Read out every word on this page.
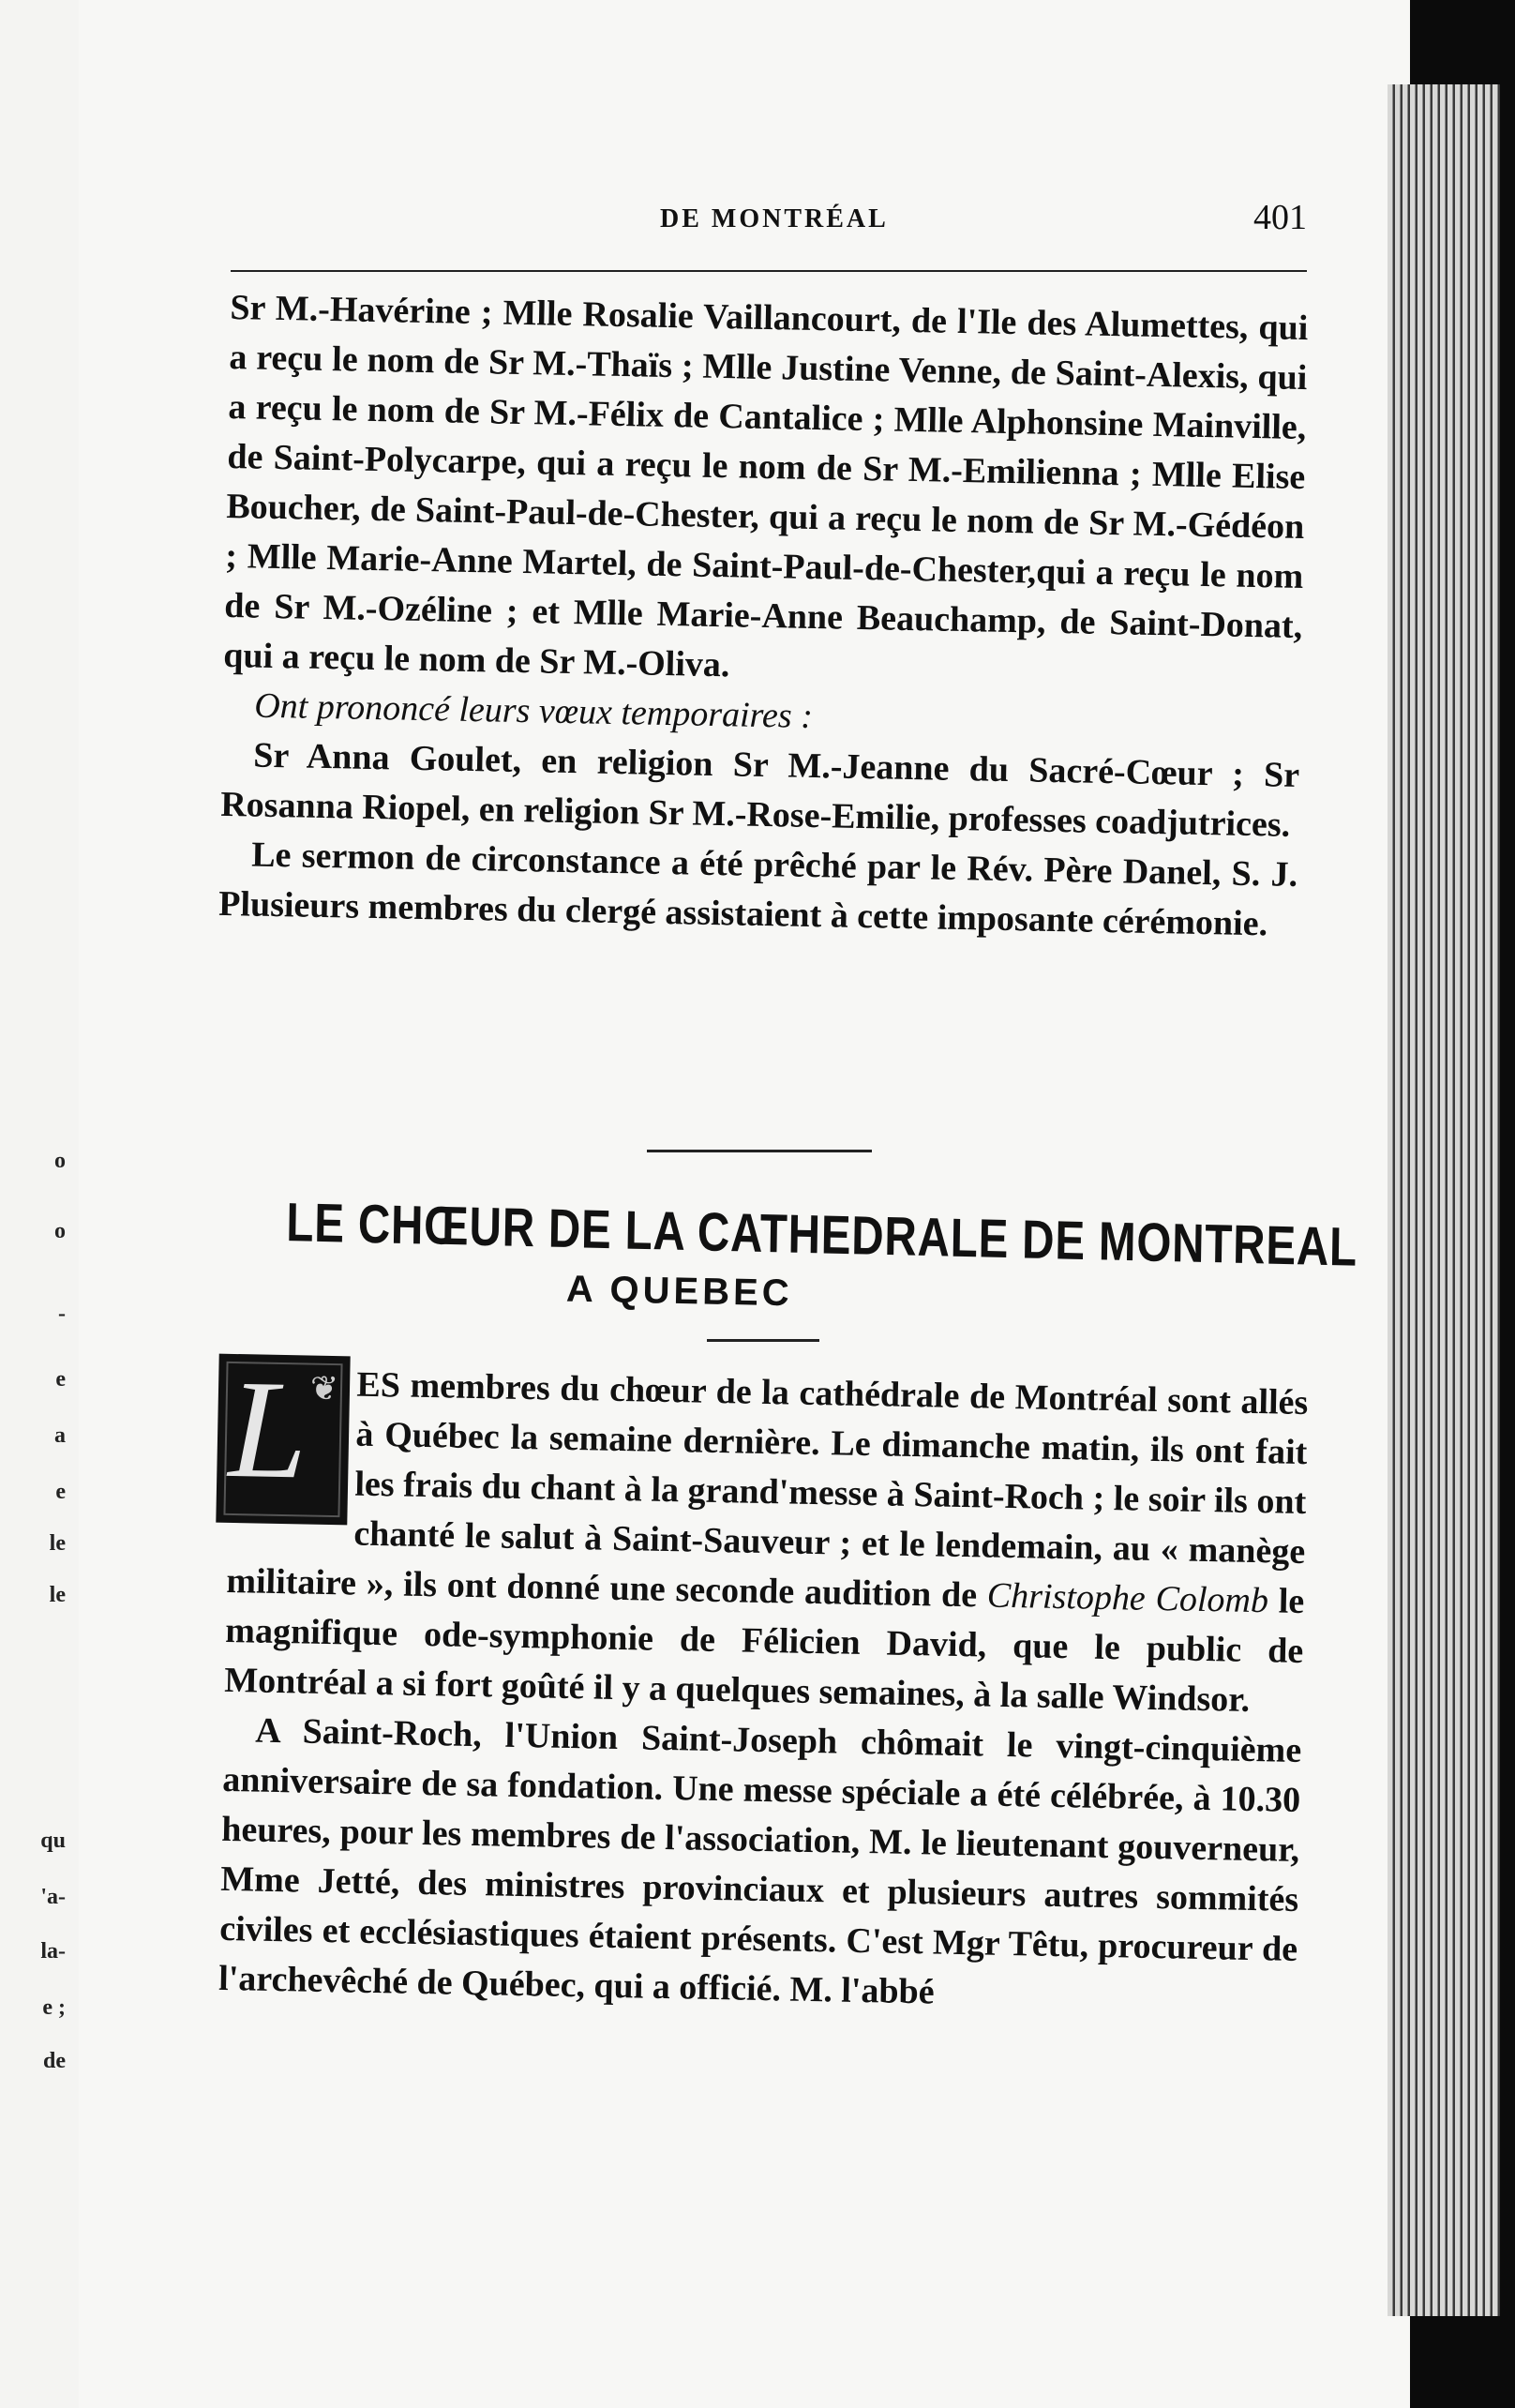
o
o
-
e
a
e
le
le
qu
'a-
la-
e ;
de
DE MONTRÉAL	401

Sr M.-Havérine ; Mlle Rosalie Vaillancourt, de l'Ile des Alumettes, qui a reçu le nom de Sr M.-Thaïs ; Mlle Justine Venne, de Saint-Alexis, qui a reçu le nom de Sr M.-Félix de Cantalice ; Mlle Alphonsine Mainville, de Saint-Polycarpe, qui a reçu le nom de Sr M.-Emilienna ; Mlle Elise Boucher, de Saint-Paul-de-Chester, qui a reçu le nom de Sr M.-Gédéon ; Mlle Marie-Anne Martel, de Saint-Paul-de-Chester,qui a reçu le nom de Sr M.-Ozéline ; et Mlle Marie-Anne Beauchamp, de Saint-Donat, qui a reçu le nom de Sr M.-Oliva.

Ont prononcé leurs vœux temporaires :

Sr Anna Goulet, en religion Sr M.-Jeanne du Sacré-Cœur ; Sr Rosanna Riopel, en religion Sr M.-Rose-Emilie, professes coadjutrices.

Le sermon de circonstance a été prêché par le Rév. Père Danel, S. J. Plusieurs membres du clergé assistaient à cette imposante cérémonie.

LE CHŒUR DE LA CATHEDRALE DE MONTREAL
A QUEBEC
L ❦ ES membres du chœur de la cathédrale de Montréal sont allés à Québec la semaine dernière. Le dimanche matin, ils ont fait les frais du chant à la grand'messe à Saint-Roch ; le soir ils ont chanté le salut à Saint-Sauveur ; et le lendemain, au « manège militaire », ils ont donné une seconde audition de Christophe Colomb le magnifique ode-symphonie de Félicien David, que le public de Montréal a si fort goûté il y a quelques semaines, à la salle Windsor.

A Saint-Roch, l'Union Saint-Joseph chômait le vingt-cinquième anniversaire de sa fondation. Une messe spéciale a été célébrée, à 10.30 heures, pour les membres de l'association, M. le lieutenant gouverneur, Mme Jetté, des ministres provinciaux et plusieurs autres sommités civiles et ecclésiastiques étaient présents. C'est Mgr Têtu, procureur de l'archevêché de Québec, qui a officié. M. l'abbé
